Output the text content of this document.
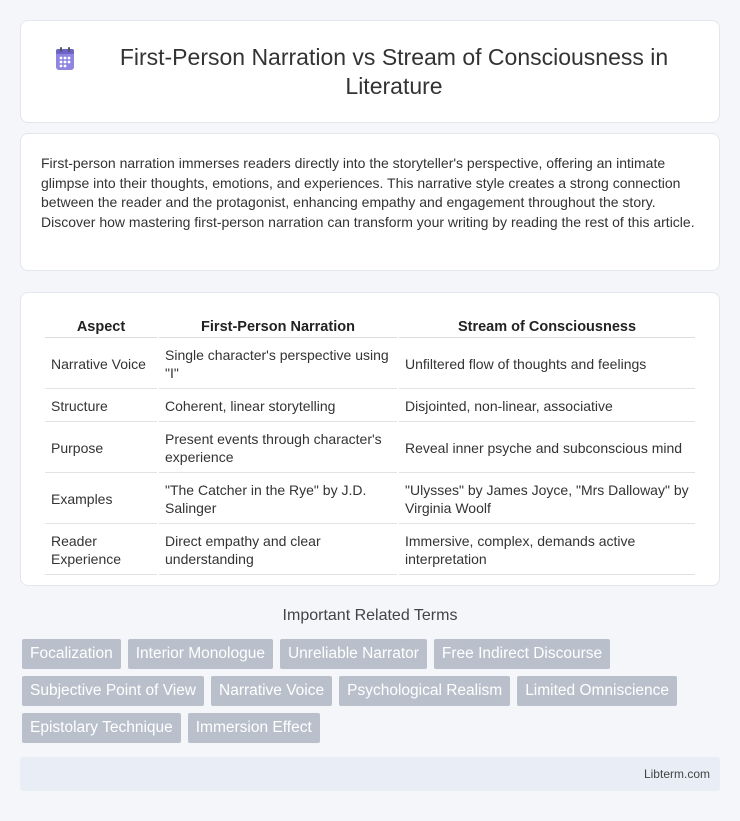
First-Person Narration vs Stream of Consciousness in Literature

First-person narration immerses readers directly into the storyteller's perspective, offering an intimate glimpse into their thoughts, emotions, and experiences. This narrative style creates a strong connection between the reader and the protagonist, enhancing empathy and engagement throughout the story. Discover how mastering first-person narration can transform your writing by reading the rest of this article.

Aspect	First-Person Narration	Stream of Consciousness
Narrative Voice	Single character's perspective using "I"	Unfiltered flow of thoughts and feelings
Structure	Coherent, linear storytelling	Disjointed, non-linear, associative
Purpose	Present events through character's experience	Reveal inner psyche and subconscious mind
Examples	"The Catcher in the Rye" by J.D. Salinger	"Ulysses" by James Joyce, "Mrs Dalloway" by Virginia Woolf
Reader Experience	Direct empathy and clear understanding	Immersive, complex, demands active interpretation
Important Related Terms
Focalization	Interior Monologue	Unreliable Narrator	Free Indirect Discourse
Subjective Point of View	Narrative Voice	Psychological Realism	Limited Omniscience
Epistolary Technique	Immersion Effect
Libterm.com
